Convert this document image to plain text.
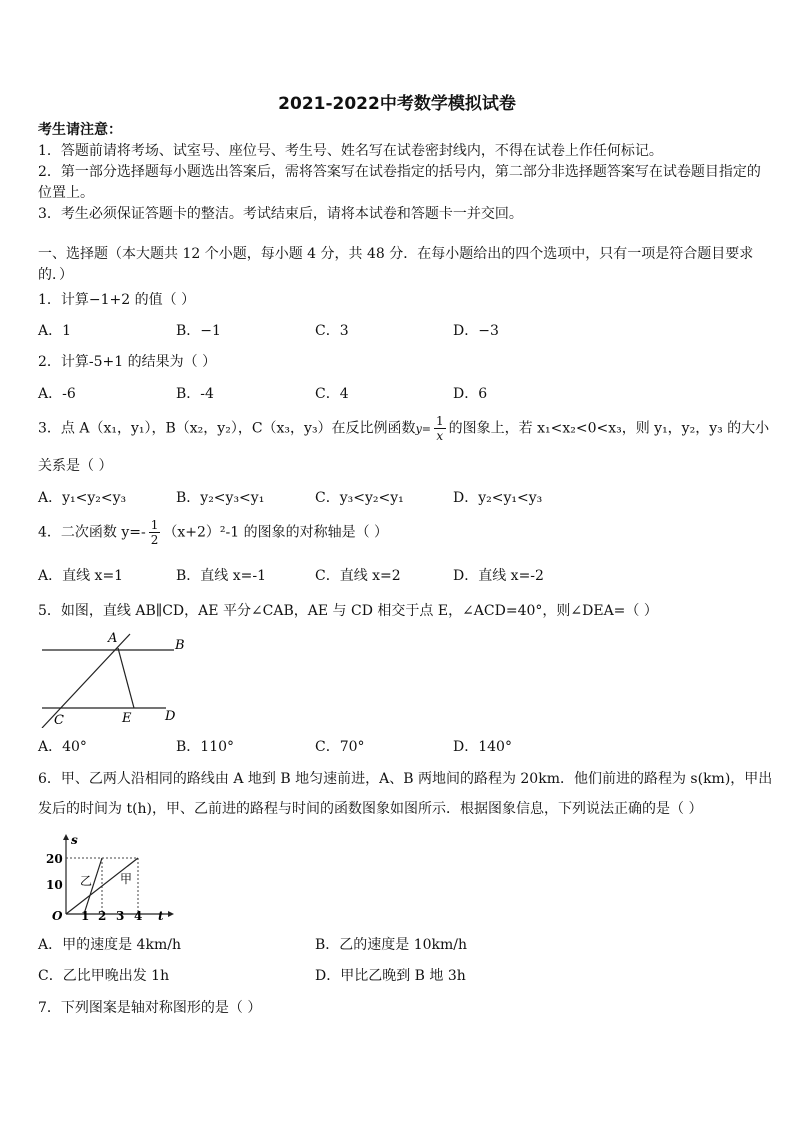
2021-2022中考数学模拟试卷
考生请注意：
1．答题前请将考场、试室号、座位号、考生号、姓名写在试卷密封线内，不得在试卷上作任何标记。
2．第一部分选择题每小题选出答案后，需将答案写在试卷指定的括号内，第二部分非选择题答案写在试卷题目指定的
位置上。
3．考生必须保证答题卡的整洁。考试结束后，请将本试卷和答题卡一并交回。
一、选择题（本大题共 12 个小题，每小题 4 分，共 48 分．在每小题给出的四个选项中，只有一项是符合题目要求
的．）
1．计算−1+2 的值（ ）
A．1	B．−1	C．3	D．−3
2．计算-5+1 的结果为（ ）
A．-6	B．-4	C．4	D．6
3．点 A（x₁，y₁），B（x₂，y₂），C（x₃，y₃）在反比例函数$y= \frac{1}{x}$ 的图象上，若 x₁<x₂<0<x₃，则 y₁，y₂，y₃ 的大小
关系是（ ）
A．y₁<y₂<y₃	B．y₂<y₃<y₁	C．y₃<y₂<y₁	D．y₂<y₁<y₃
4．二次函数 $y=- \frac{1}{2} (x+2)^2-1$ 的图象的对称轴是（ ）
A．直线 x=1	B．直线 x=-1	C．直线 x=2	D．直线 x=-2
5．如图，直线 AB∥CD，AE 平分∠CAB，AE 与 CD 相交于点 E，∠ACD=40°，则∠DEA=（ ）
A	B
C	D
E
A．40°	B．110°	C．70°	D．140°
6．甲、乙两人沿相同的路线由 A 地到 B 地匀速前进，A、B 两地间的路程为 20km．他们前进的路程为 s(km)，甲出
发后的时间为 t(h)，甲、乙前进的路程与时间的函数图象如图所示．根据图象信息，下列说法正确的是（ ）
20
10
O 1 2 3 4 t
s
乙 甲
A．甲的速度是 4km/h	B．乙的速度是 10km/h
C．乙比甲晚出发 1h	D．甲比乙晚到 B 地 3h
7．下列图案是轴对称图形的是（ ）
